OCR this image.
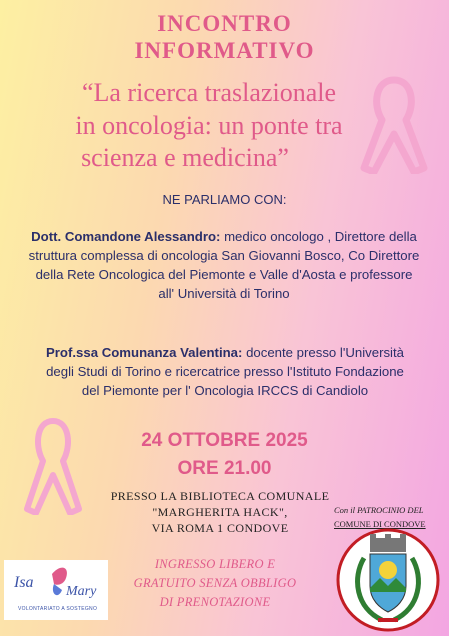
INCONTRO
INFORMATIVO
“La ricerca traslazionale
in oncologia: un ponte tra
scienza e medicina”
NE PARLIAMO CON:
Dott. Comandone Alessandro: medico oncologo , Direttore della struttura complessa di oncologia San Giovanni Bosco, Co Direttore della Rete Oncologica del Piemonte e Valle d'Aosta e professore all' Università di Torino
Prof.ssa Comunanza Valentina: docente presso l'Università degli Studi di Torino e ricercatrice presso l'Istituto Fondazione del Piemonte per l' Oncologia IRCCS di Candiolo
24 OTTOBRE 2025
ORE 21.00
PRESSO LA BIBLIOTECA COMUNALE
"MARGHERITA HACK",
VIA ROMA 1 CONDOVE
INGRESSO LIBERO E
GRATUITO SENZA OBBLIGO
DI PRENOTAZIONE
Con il PATROCINIO DEL
COMUNE DI CONDOVE
Isa
Mary
VOLONTARIATO A SOSTEGNO
